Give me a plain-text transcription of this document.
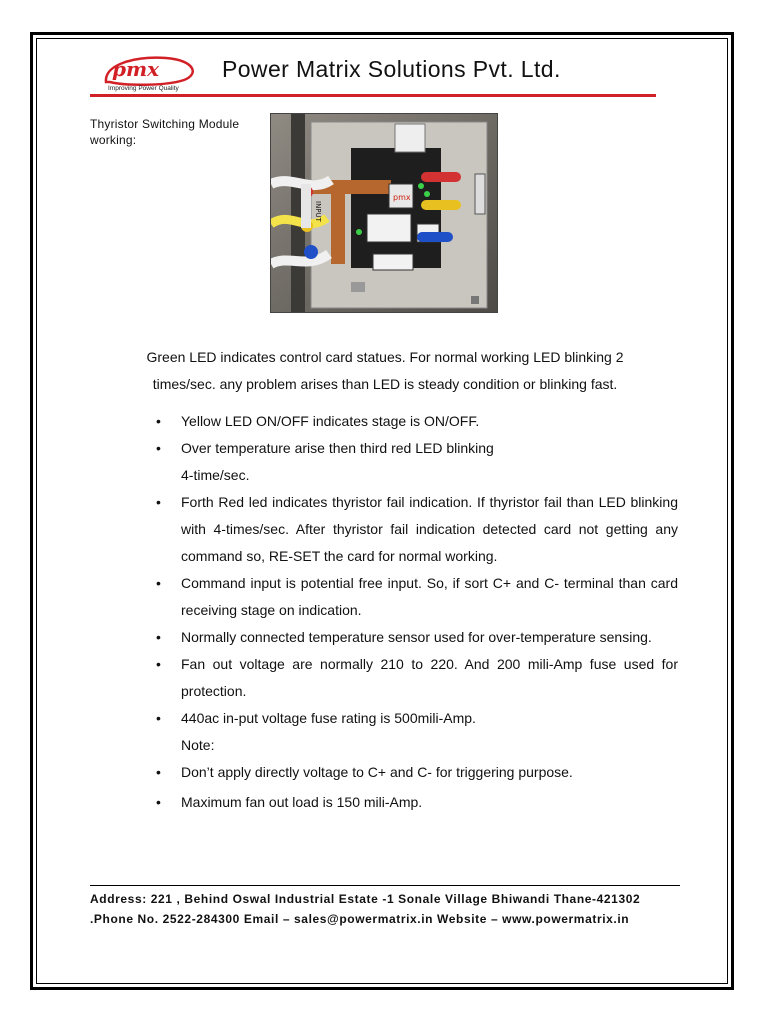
pmx
Improving Power Quality
Power Matrix Solutions Pvt. Ltd.
Thyristor Switching Module
working:
pmx
INPUT
Green LED indicates control card statues. For normal working LED blinking 2
times/sec. any problem arises than LED is steady condition or blinking fast.
• Yellow LED ON/OFF indicates stage is ON/OFF.
• Over temperature arise then third red LED blinking
4-time/sec.
• Forth Red led indicates thyristor fail indication. If thyristor fail than LED blinking with 4-times/sec. After thyristor fail indication detected card not getting any command so, RE-SET the card for normal working.
• Command input is potential free input. So, if sort C+ and C- terminal than card receiving stage on indication.
• Normally connected temperature sensor used for over-temperature sensing.
• Fan out voltage are normally 210 to 220. And 200 mili-Amp fuse used for protection.
• 440ac in-put voltage fuse rating is 500mili-Amp.
Note:
• Don’t apply directly voltage to C+ and C- for triggering purpose.
• Maximum fan out load is 150 mili-Amp.
Address: 221 , Behind Oswal Industrial Estate -1 Sonale Village Bhiwandi Thane-421302
.Phone No. 2522-284300 Email – sales@powermatrix.in Website – www.powermatrix.in
